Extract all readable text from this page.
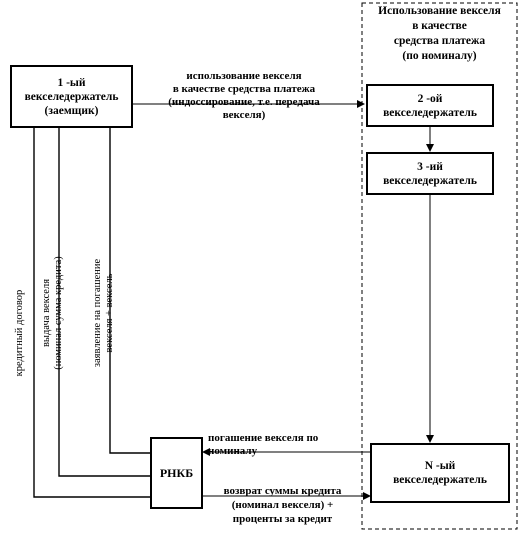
Использование векселя
в качестве
средства платежа
(по номиналу)
1 -ый
векселедержатель
(заемщик)
2 -ой
векселедержатель
3 -ий
векселедержатель
N -ый
векселедержатель
РНКБ
использование векселя
в качестве средства платежа
(индоссирование, т.е. передача
векселя)
погашение векселя по
номиналу
возврат суммы кредита
(номинал векселя) +
проценты за кредит
кредитный договор выдача векселя
(номинал сумма кредита)
заявление на погашение
векселя + вексель
